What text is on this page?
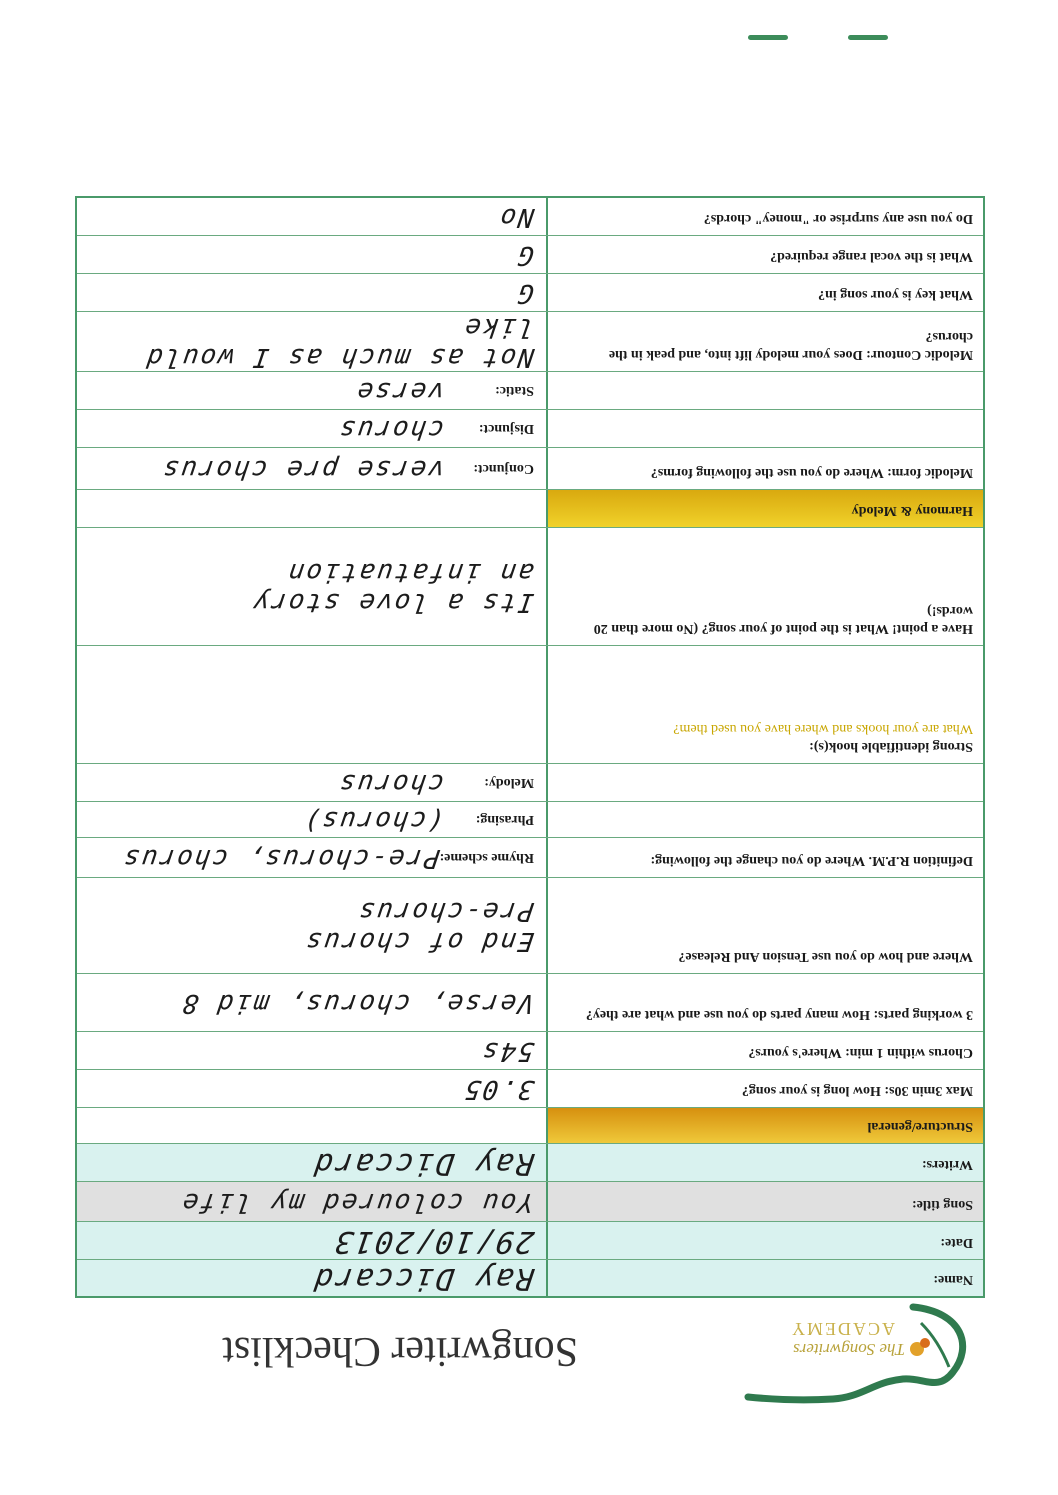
The Songwriters
ACADEMY
Songwriter Checklist
Name:
Ray Diccard
Date:
29/10/2013
Song title:
You coloured my life
Writers:
Ray Diccard
Structure/general
Max 3min 30s: How long is your song?
3.05
Chorus within 1 min: Where's yours?
54s
3 working parts: How many parts do you use and what are they?
Verse, chorus, mid 8
Where and how do you use Tension And Release?
End of chorus
Pre-chorus
Definition R.P.M. Where do you change the following:
Rhyme scheme:
Pre-chorus, chorus
Phrasing:
(chorus)
Melody:
chorus
Strong identifiable hook(s):
What are your hooks and where have you used them?
Have a point! What is the point of your song? (No more than 20 words!)
Its a love story
an infatuation
Harmony & Melody
Melodic form: Where do you use the following forms?
Conjunct:
verse pre chorus
Disjunct:
chorus
Static:
verse
Melodic Contour: Does your melody lift into, and peak in the chorus?
Not as much as I would
like
What key is your song in?
G
What is the vocal range required?
G
Do you use any surprise or "money" chords?
No
